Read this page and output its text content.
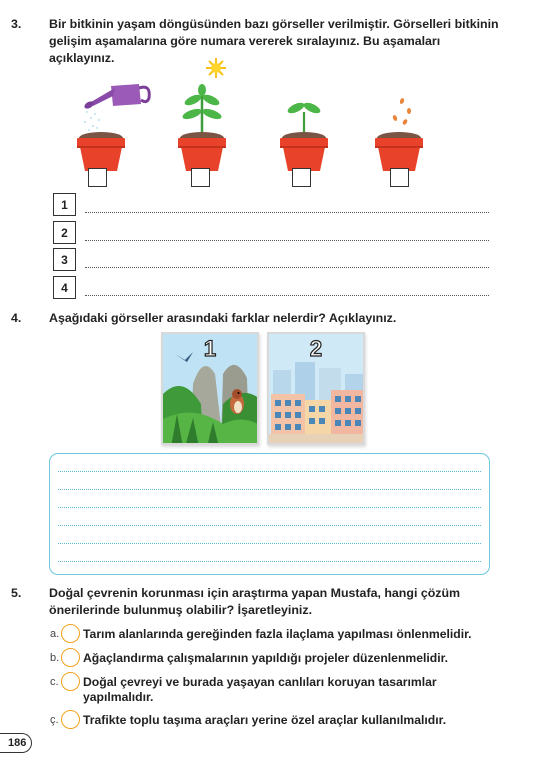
3. Bir bitkinin yaşam döngüsünden bazı görseller verilmiştir. Görselleri bitkinin gelişim aşamalarına göre numara vererek sıralayınız. Bu aşamaları açıklayınız.
1
2
3
4
4. Aşağıdaki görseller arasındaki farklar nelerdir? Açıklayınız.
1	2
5. Doğal çevrenin korunması için araştırma yapan Mustafa, hangi çözüm önerilerinde bulunmuş olabilir? İşaretleyiniz.
a. Tarım alanlarında gereğinden fazla ilaçlama yapılması önlenmelidir.
b. Ağaçlandırma çalışmalarının yapıldığı projeler düzenlenmelidir.
c. Doğal çevreyi ve burada yaşayan canlıları koruyan tasarımlar yapılmalıdır.
ç. Trafikte toplu taşıma araçları yerine özel araçlar kullanılmalıdır.
186
